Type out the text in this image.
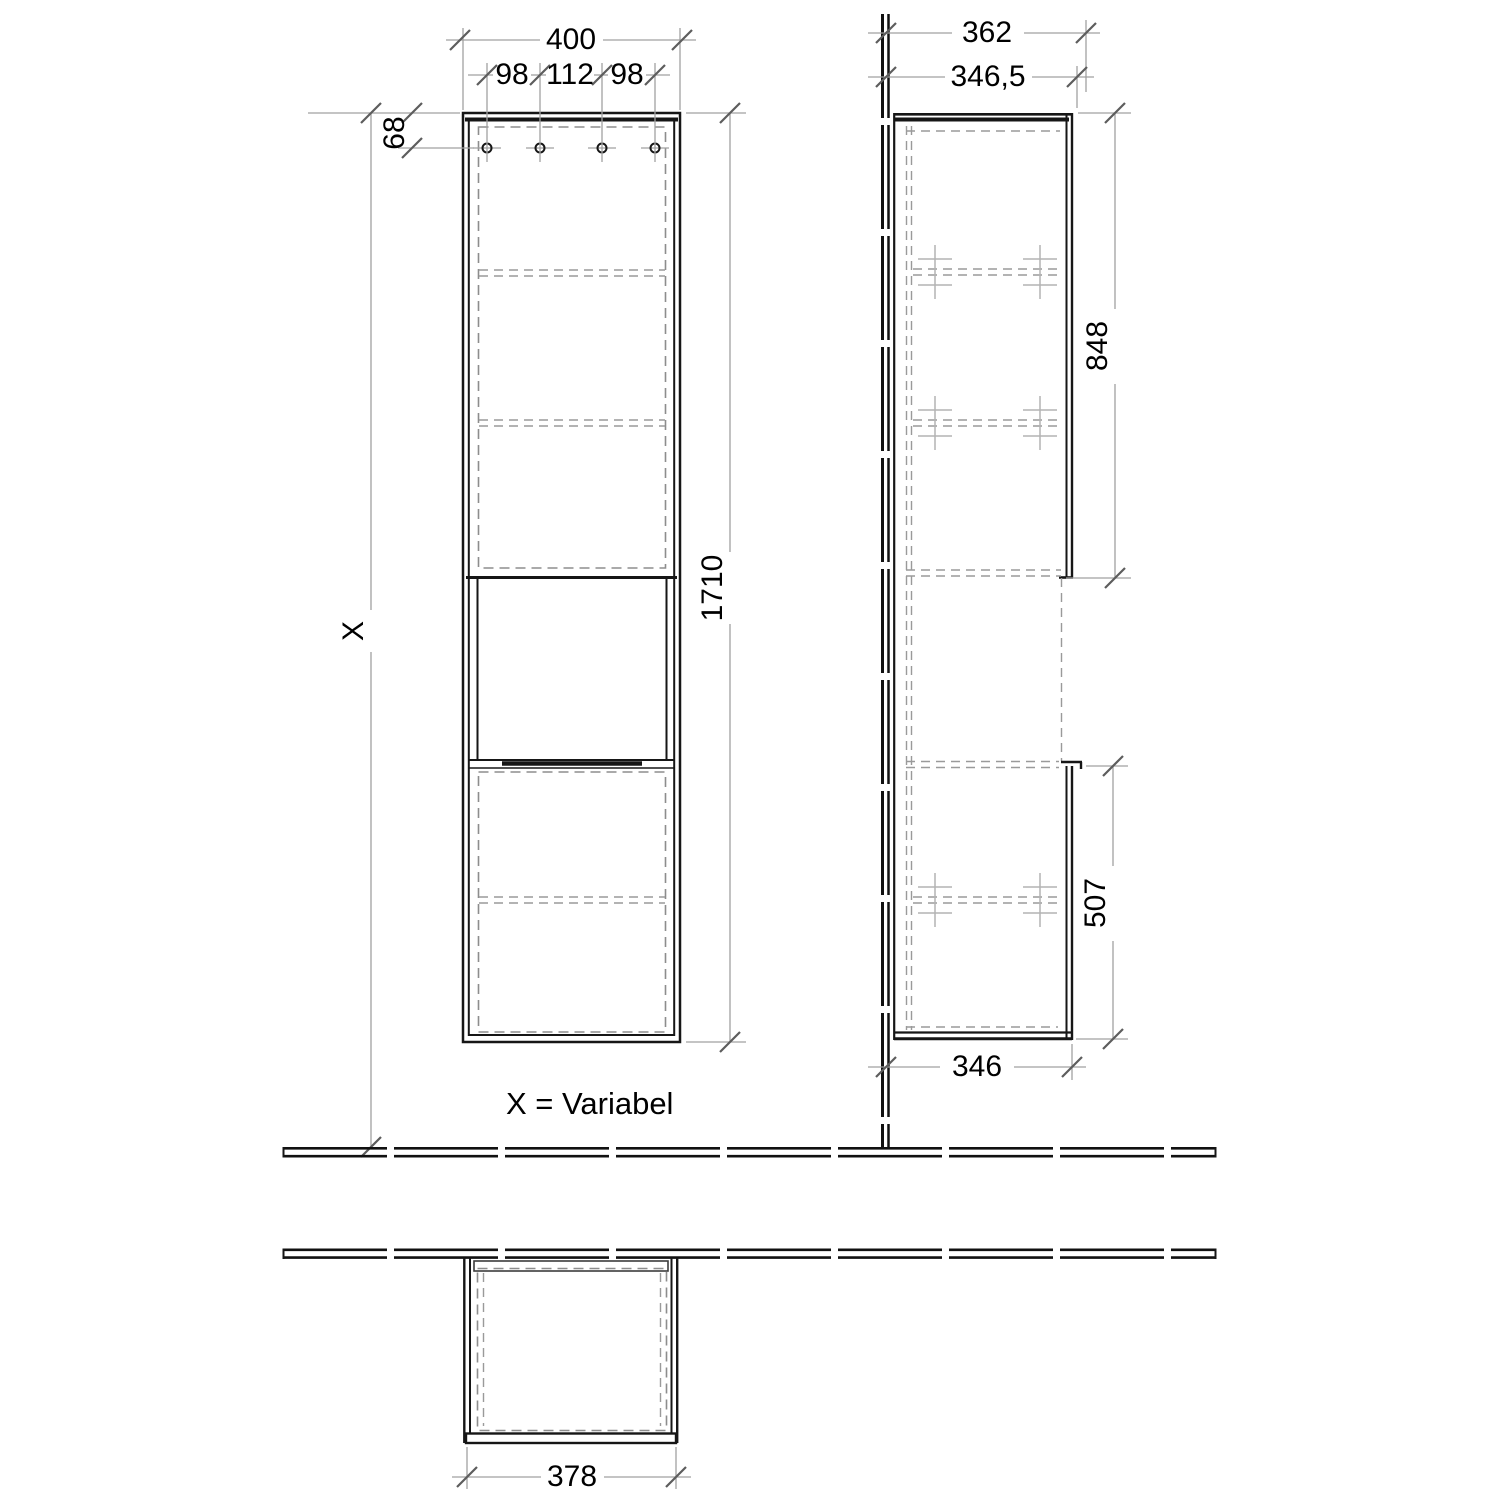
400
98 112 98
68
X
1710
X = Variabel
362
346,5
848
507
346
378
